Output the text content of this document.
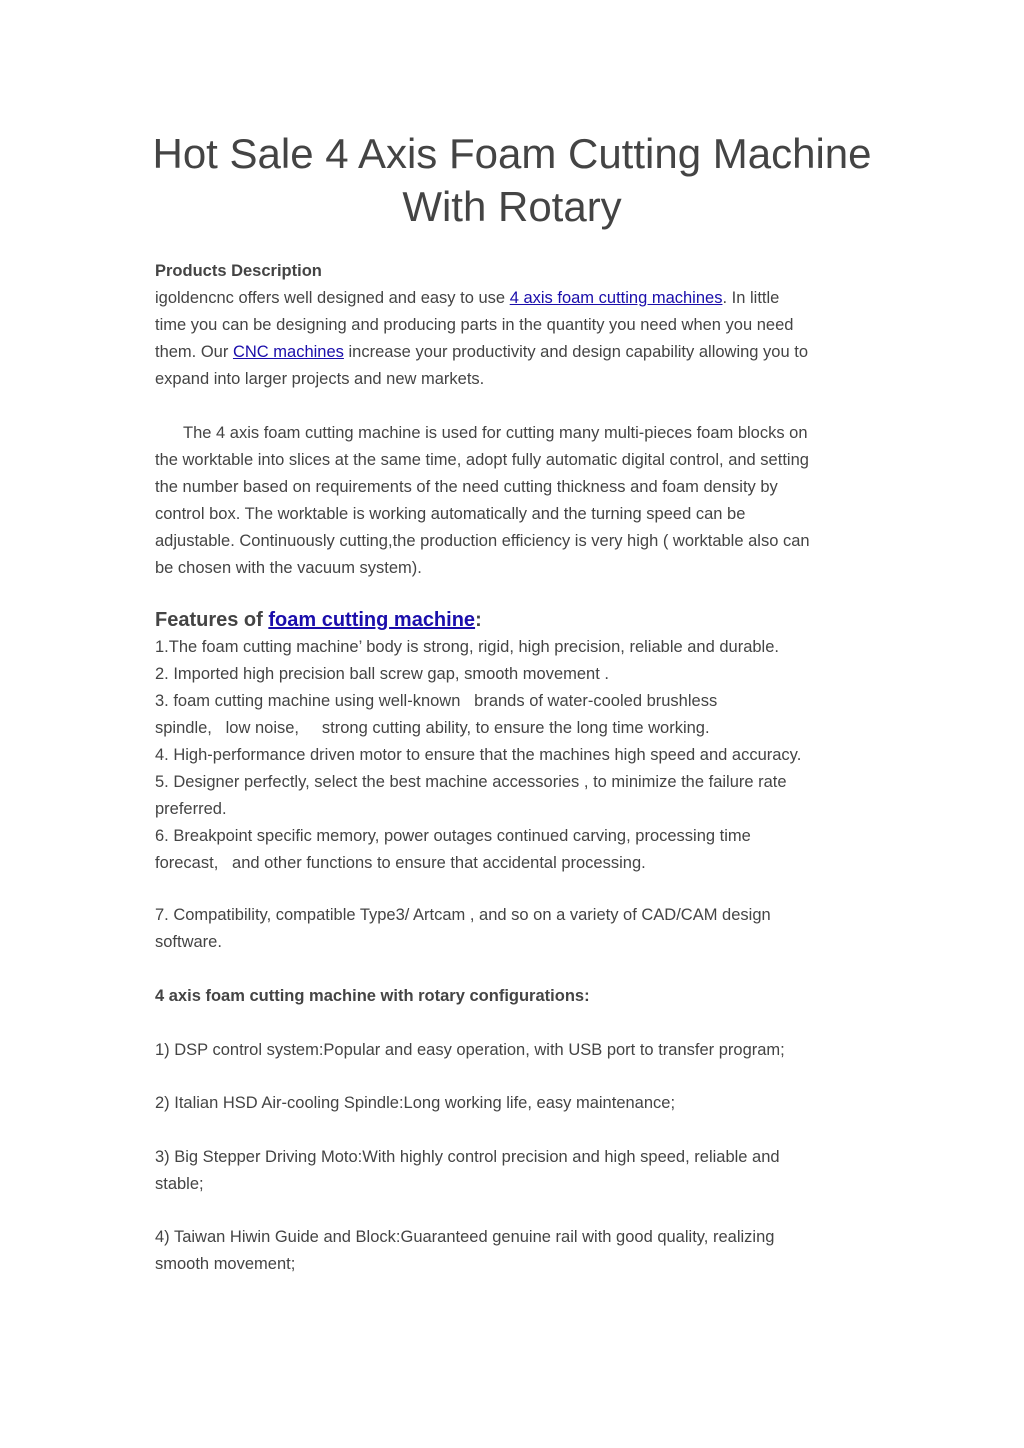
Hot Sale 4 Axis Foam Cutting Machine
With Rotary
Products Description
igoldencnc offers well designed and easy to use 4 axis foam cutting machines. In little
time you can be designing and producing parts in the quantity you need when you need
them. Our CNC machines increase your productivity and design capability allowing you to
expand into larger projects and new markets.
The 4 axis foam cutting machine is used for cutting many multi-pieces foam blocks on
the worktable into slices at the same time, adopt fully automatic digital control, and setting
the number based on requirements of the need cutting thickness and foam density by
control box. The worktable is working automatically and the turning speed can be
adjustable. Continuously cutting,the production efficiency is very high ( worktable also can
be chosen with the vacuum system).
Features of foam cutting machine:
1.The foam cutting machine’ body is strong, rigid, high precision, reliable and durable.
2. Imported high precision ball screw gap, smooth movement .
3. foam cutting machine using well-known   brands of water-cooled brushless
spindle,   low noise,     strong cutting ability, to ensure the long time working.
4. High-performance driven motor to ensure that the machines high speed and accuracy.
5. Designer perfectly, select the best machine accessories , to minimize the failure rate
preferred.
6. Breakpoint specific memory, power outages continued carving, processing time
forecast,   and other functions to ensure that accidental processing.
7. Compatibility, compatible Type3/ Artcam , and so on a variety of CAD/CAM design
software.
4 axis foam cutting machine with rotary configurations:
1) DSP control system:Popular and easy operation, with USB port to transfer program;
2) Italian HSD Air-cooling Spindle:Long working life, easy maintenance;
3) Big Stepper Driving Moto:With highly control precision and high speed, reliable and
stable;
4) Taiwan Hiwin Guide and Block:Guaranteed genuine rail with good quality, realizing
smooth movement;
